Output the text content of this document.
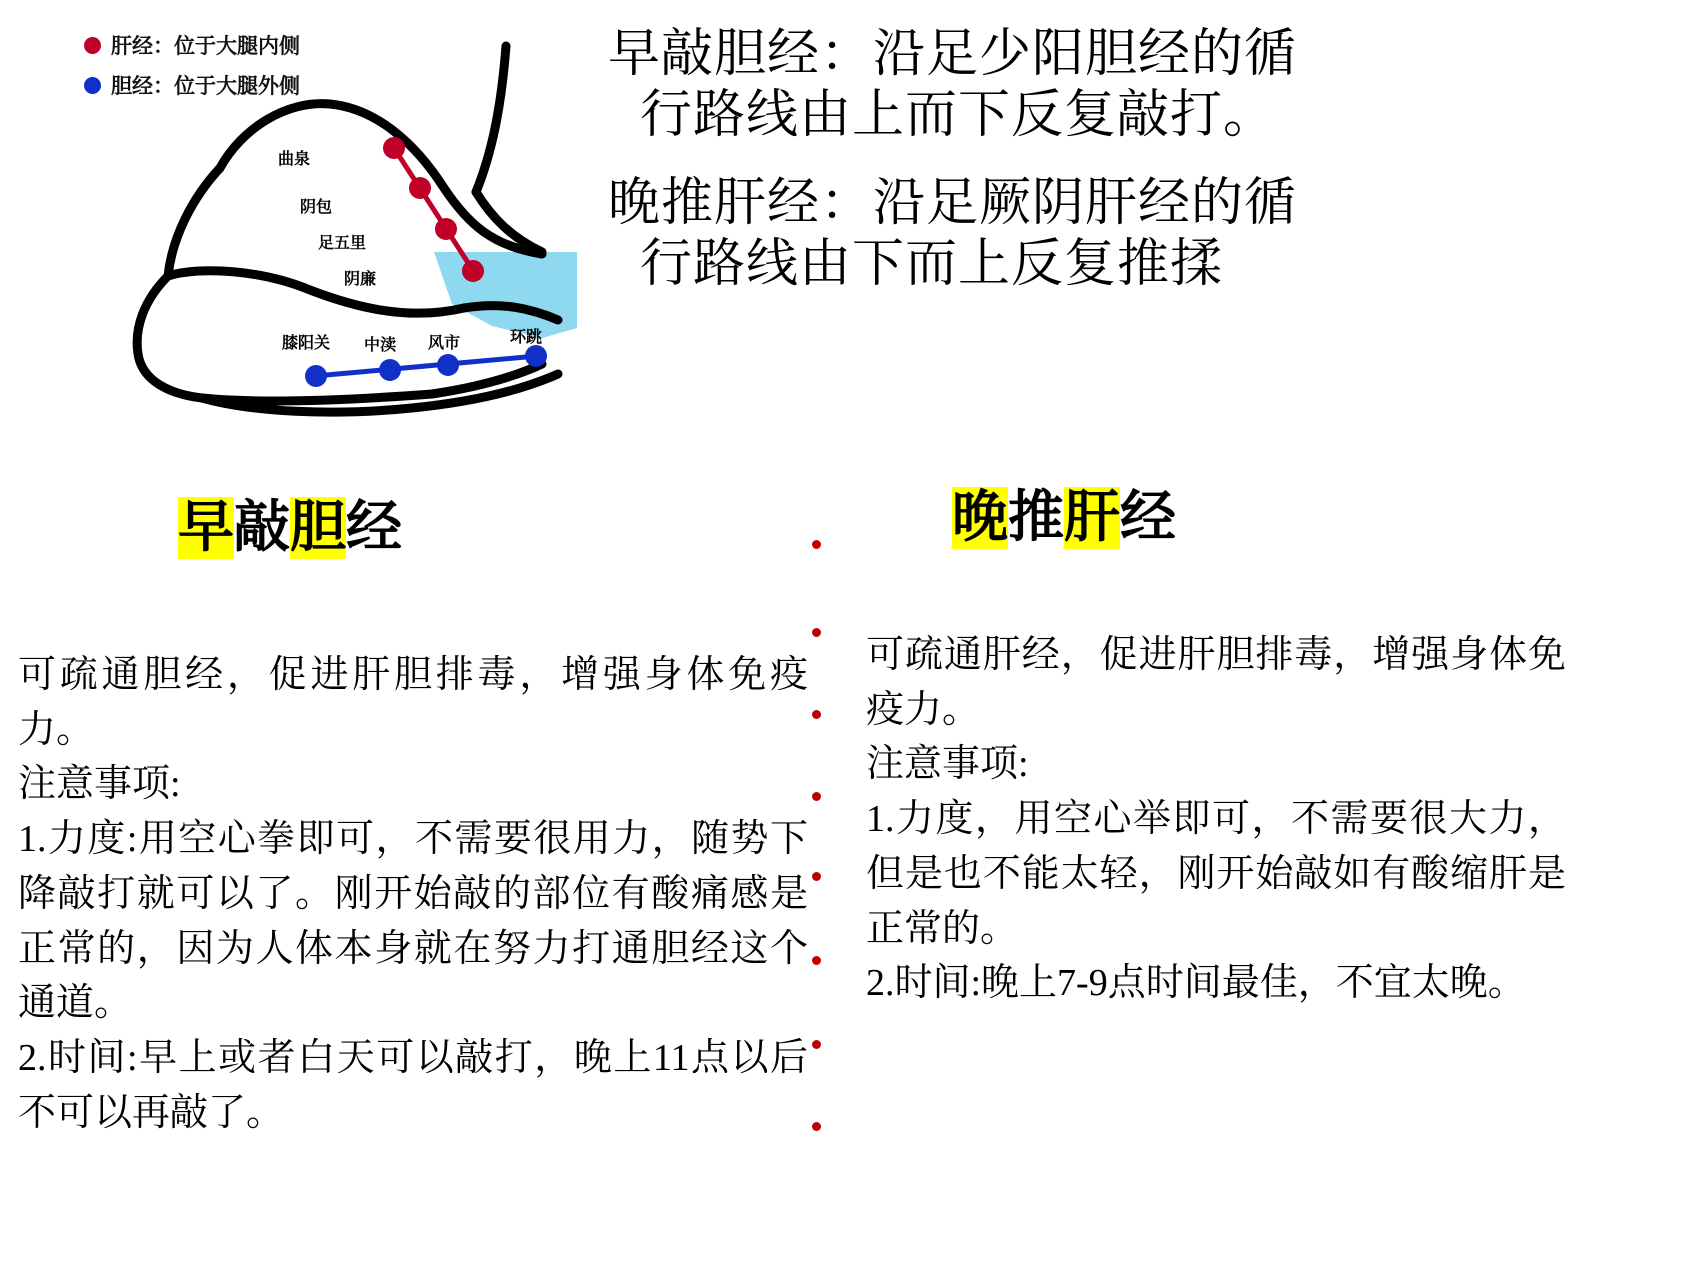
肝经：位于大腿内侧
胆经：位于大腿外侧
曲泉
阴包
足五里
阴廉
膝阳关 中渎 风市	环跳
早敲胆经：沿足少阳胆经的循
行路线由上而下反复敲打。
晚推肝经：沿足厥阴肝经的循
行路线由下而上反复推揉
早敲胆经	晚推肝经

可疏通胆经，促进肝胆排毒，增强身体免疫力。

注意事项:

1.力度:用空心拳即可，不需要很用力，随势下降敲打就可以了。刚开始敲的部位有酸痛感是正常的，因为人体本身就在努力打通胆经这个通道。

2.时间:早上或者白天可以敲打，晚上11点以后不可以再敲了。

可疏通肝经，促进肝胆排毒，增强身体免疫力。

注意事项:

1.力度，用空心举即可，不需要很大力，但是也不能太轻，刚开始敲如有酸缩肝是正常的。

2.时间:晚上7-9点时间最佳，不宜太晚。
